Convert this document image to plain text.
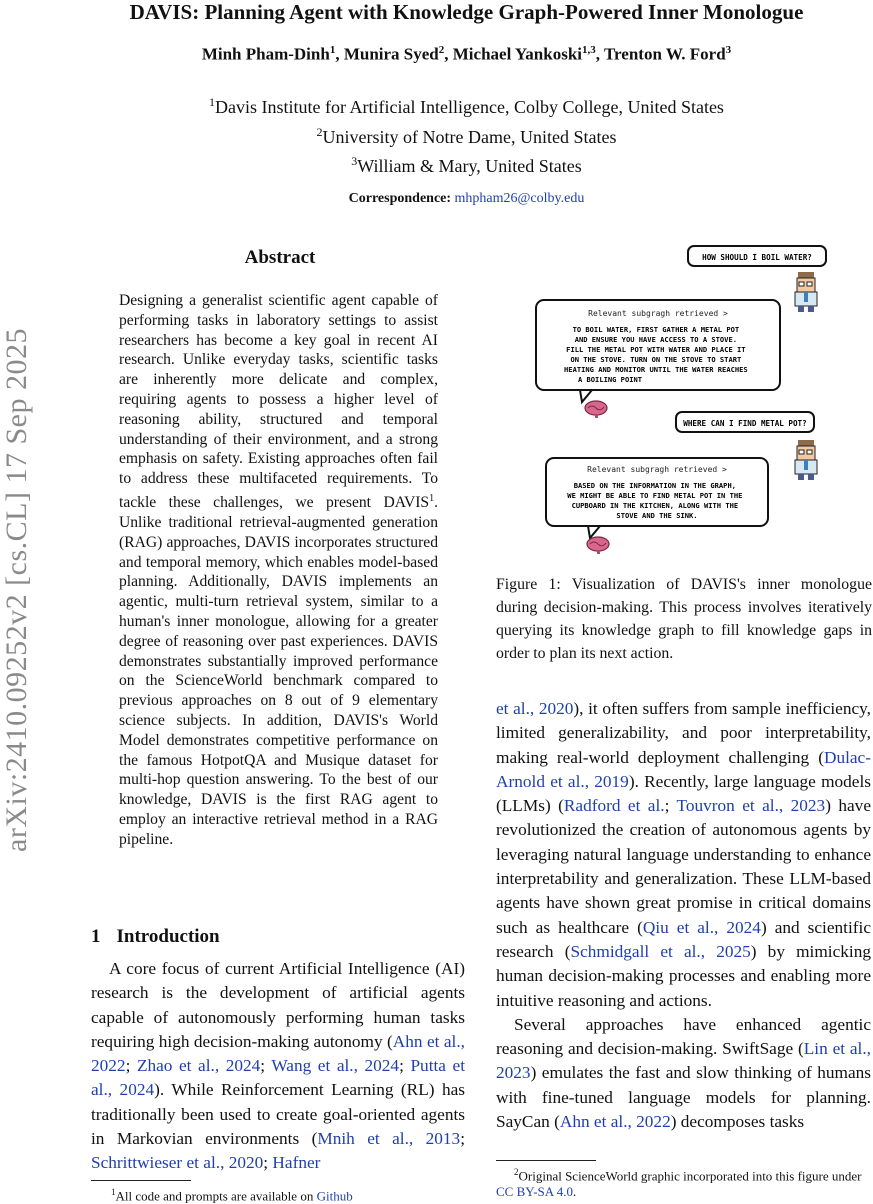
arXiv:2410.09252v2 [cs.CL] 17 Sep 2025
DAVIS: Planning Agent with Knowledge Graph-Powered Inner Monologue
Minh Pham-Dinh$^1$, Munira Syed$^2$, Michael Yankoski$^{1,3}$, Trenton W. Ford$^3$
$^1$Davis Institute for Artificial Intelligence, Colby College, United States
$^2$University of Notre Dame, United States
$^3$William & Mary, United States
Correspondence: mhpham26@colby.edu
Abstract

Designing a generalist scientific agent capable of performing tasks in laboratory settings to assist researchers has become a key goal in recent AI research. Unlike everyday tasks, scientific tasks are inherently more delicate and complex, requiring agents to possess a higher level of reasoning ability, structured and temporal understanding of their environment, and a strong emphasis on safety. Existing approaches often fail to address these multifaceted requirements. To tackle these challenges, we present DAVIS$^1$. Unlike traditional retrieval-augmented generation (RAG) approaches, DAVIS incorporates structured and temporal memory, which enables model-based planning. Additionally, DAVIS implements an agentic, multi-turn retrieval system, similar to a human's inner monologue, allowing for a greater degree of reasoning over past experiences. DAVIS demonstrates substantially improved performance on the ScienceWorld benchmark compared to previous approaches on 8 out of 9 elementary science subjects. In addition, DAVIS's World Model demonstrates competitive performance on the famous HotpotQA and Musique dataset for multi-hop question answering. To the best of our knowledge, DAVIS is the first RAG agent to employ an interactive retrieval method in a RAG pipeline.

HOW SHOULD I BOIL WATER?
Relevant subgragh retrieved >
TO BOIL WATER, FIRST GATHER A METAL POT AND ENSURE YOU HAVE ACCESS TO A STOVE. FILL THE METAL POT WITH WATER AND PLACE IT ON THE STOVE. TURN ON THE STOVE TO START HEATING AND MONITOR UNTIL THE WATER REACHES A BOILING POINT
WHERE CAN I FIND METAL POT?
Relevant subgragh retrieved >
BASED ON THE INFORMATION IN THE GRAPH, WE MIGHT BE ABLE TO FIND METAL POT IN THE CUPBOARD IN THE KITCHEN, ALONG WITH THE STOVE AND THE SINK.
Figure 1: Visualization of DAVIS's inner monologue during decision-making. This process involves iteratively querying its knowledge graph to fill knowledge gaps in order to plan its next action.
1 Introduction

A core focus of current Artificial Intelligence (AI) research is the development of artificial agents capable of autonomously performing human tasks requiring high decision-making autonomy (Ahn et al., 2022; Zhao et al., 2024; Wang et al., 2024; Putta et al., 2024). While Reinforcement Learning (RL) has traditionally been used to create goal-oriented agents in Markovian environments (Mnih et al., 2013; Schrittwieser et al., 2020; Hafner

et al., 2020), it often suffers from sample inefficiency, limited generalizability, and poor interpretability, making real-world deployment challenging (Dulac-Arnold et al., 2019). Recently, large language models (LLMs) (Radford et al.; Touvron et al., 2023) have revolutionized the creation of autonomous agents by leveraging natural language understanding to enhance interpretability and generalization. These LLM-based agents have shown great promise in critical domains such as healthcare (Qiu et al., 2024) and scientific research (Schmidgall et al., 2025) by mimicking human decision-making processes and enabling more intuitive reasoning and actions.

Several approaches have enhanced agentic reasoning and decision-making. SwiftSage (Lin et al., 2023) emulates the fast and slow thinking of humans with fine-tuned language models for planning. SayCan (Ahn et al., 2022) decomposes tasks

$^1$All code and prompts are available on Github
$^2$Original ScienceWorld graphic incorporated into this figure under CC BY-SA 4.0.
